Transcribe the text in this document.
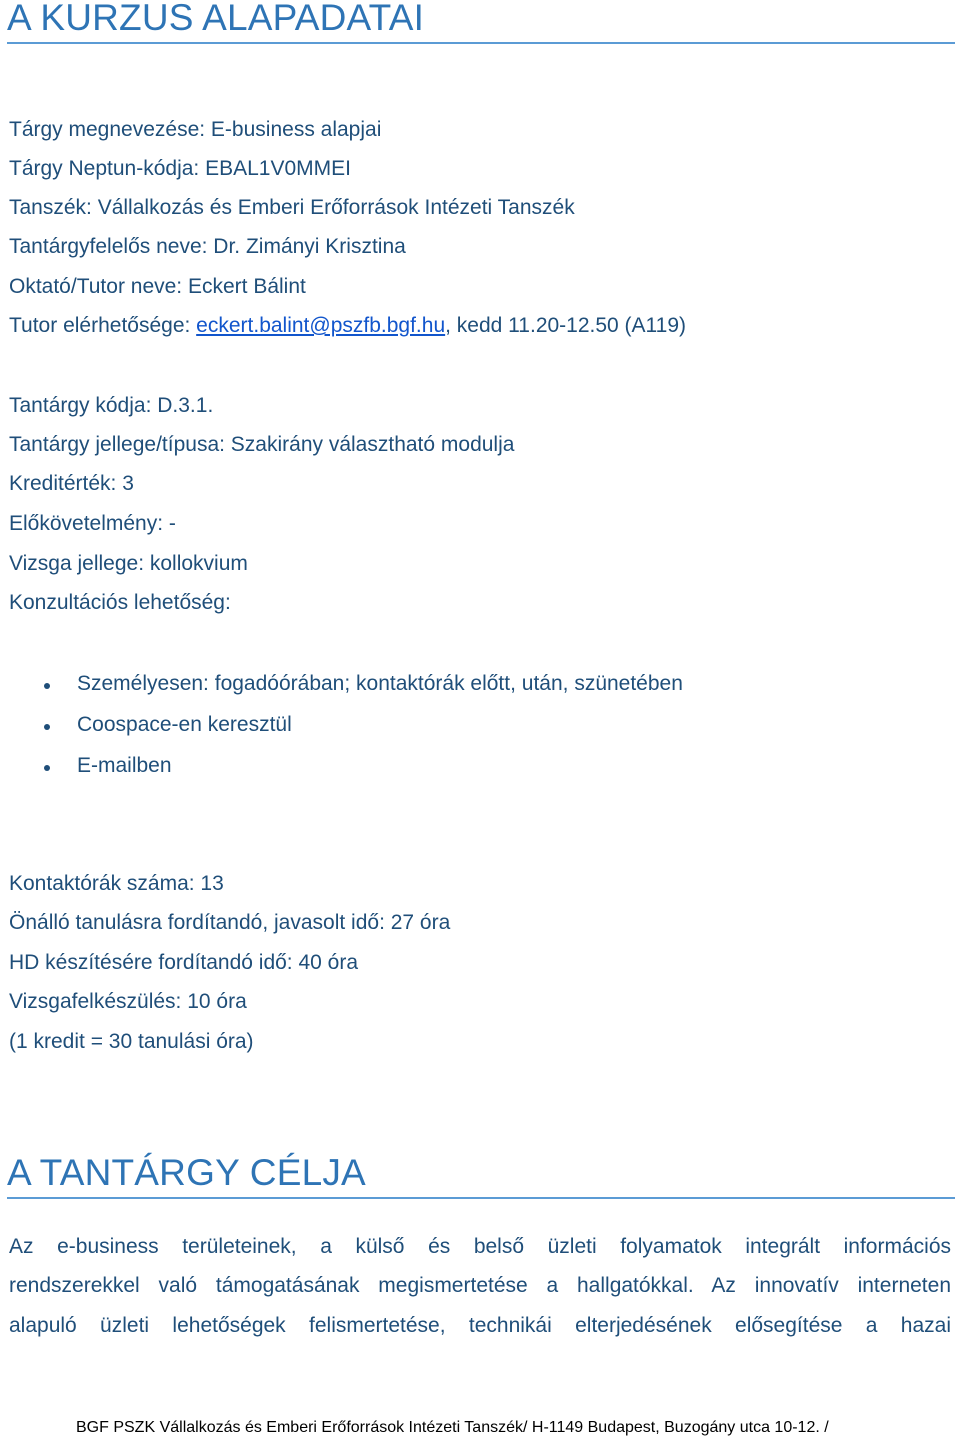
A KURZUS ALAPADATAI

Tárgy megnevezése: E-business alapjai

Tárgy Neptun-kódja: EBAL1V0MMEI

Tanszék: Vállalkozás és Emberi Erőforrások Intézeti Tanszék

Tantárgyfelelős neve: Dr. Zimányi Krisztina

Oktató/Tutor neve: Eckert Bálint

Tutor elérhetősége: eckert.balint@pszfb.bgf.hu, kedd 11.20-12.50 (A119)

Tantárgy kódja: D.3.1.

Tantárgy jellege/típusa: Szakirány választható modulja

Kreditérték: 3

Előkövetelmény: -

Vizsga jellege: kollokvium

Konzultációs lehetőség:

Személyesen: fogadóórában; kontaktórák előtt, után, szünetében
Coospace-en keresztül
E-mailben

Kontaktórák száma: 13

Önálló tanulásra fordítandó, javasolt idő: 27 óra

HD készítésére fordítandó idő: 40 óra

Vizsgafelkészülés: 10 óra

(1 kredit = 30 tanulási óra)

A TANTÁRGY CÉLJA
Az e-business területeinek, a külső és belső üzleti folyamatok integrált információs
rendszerekkel való támogatásának megismertetése a hallgatókkal. Az innovatív interneten
alapuló üzleti lehetőségek felismertetése, technikái elterjedésének elősegítése a hazai
BGF PSZK Vállalkozás és Emberi Erőforrások Intézeti Tanszék/ H-1149 Budapest, Buzogány utca 10-12. /
